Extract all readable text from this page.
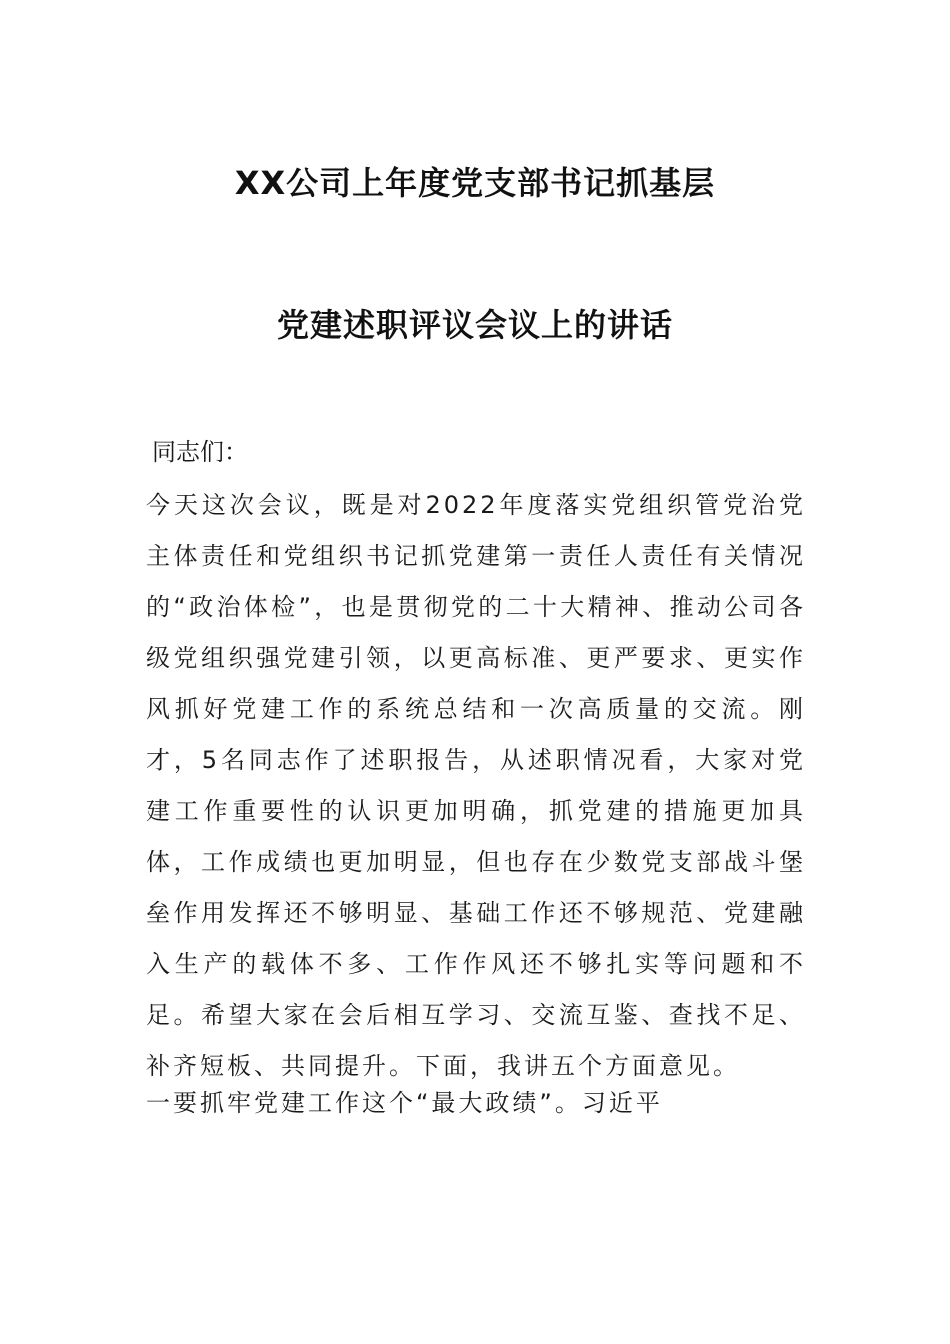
XX公司上年度党支部书记抓基层
党建述职评议会议上的讲话
同志们：
今天这次会议，既是对2022年度落实党组织管党治党主体责任和党组织书记抓党建第一责任人责任有关情况的“政治体检”，也是贯彻党的二十大精神、推动公司各级党组织强党建引领，以更高标准、更严要求、更实作风抓好党建工作的系统总结和一次高质量的交流。刚才，5名同志作了述职报告，从述职情况看，大家对党建工作重要性的认识更加明确，抓党建的措施更加具体，工作成绩也更加明显，但也存在少数党支部战斗堡垒作用发挥还不够明显、基础工作还不够规范、党建融入生产的载体不多、工作作风还不够扎实等问题和不足。希望大家在会后相互学习、交流互鉴、查找不足、补齐短板、共同提升。下面，我讲五个方面意见。
一要抓牢党建工作这个“最大政绩”。习近平
